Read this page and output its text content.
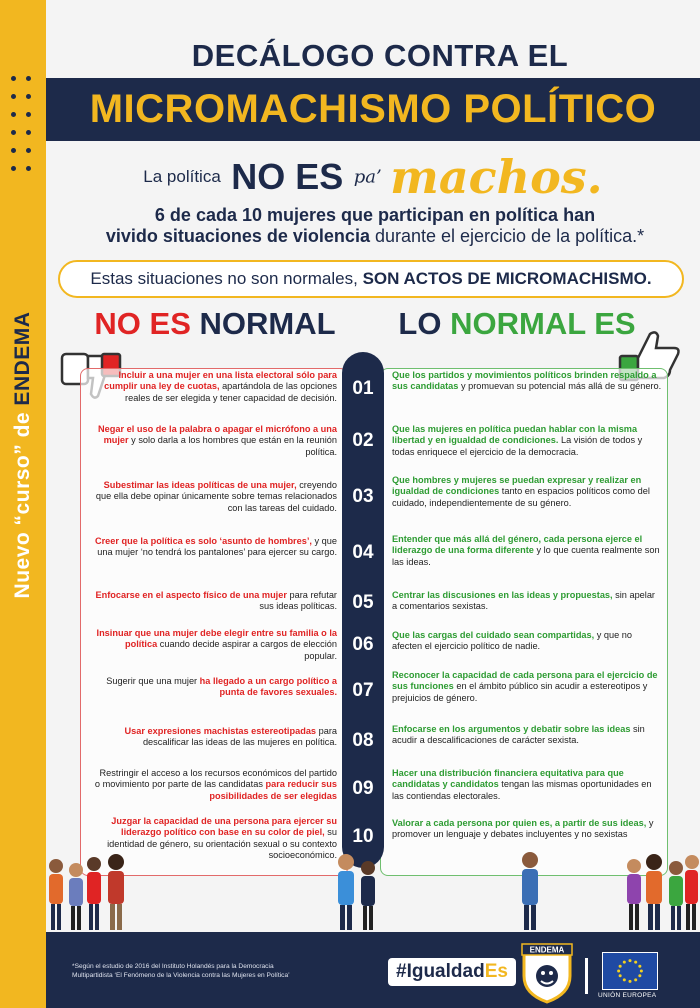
Nuevo “curso” de ENDEMA
DECÁLOGO CONTRA EL
MICROMACHISMO POLÍTICO
La política NO ES pa’ machos.
6 de cada 10 mujeres que participan en política han
vivido situaciones de violencia durante el ejercicio de la política.*
Estas situaciones no son normales, SON ACTOS DE MICROMACHISMO.
NO ES NORMAL	LO NORMAL ES
01
Incluir a una mujer en una lista electoral sólo para cumplir una ley de cuotas, apartándola de las opciones reales de ser elegida y tener capacidad de decisión.
Que los partidos y movimientos políticos brinden respaldo a sus candidatas y promuevan su potencial más allá de su género.
02
Negar el uso de la palabra o apagar el micrófono a una mujer y solo darla a los hombres que están en la reunión política.
Que las mujeres en política puedan hablar con la misma libertad y en igualdad de condiciones. La visión de todos y todas enriquece el ejercicio de la democracia.
03
Subestimar las ideas políticas de una mujer, creyendo que ella debe opinar únicamente sobre temas relacionados con las tareas del cuidado.
Que hombres y mujeres se puedan expresar y realizar en igualdad de condiciones tanto en espacios políticos como del cuidado, independientemente de su género.
04
Creer que la política es solo ‘asunto de hombres’, y que una mujer ‘no tendrá los pantalones’ para ejercer su cargo.
Entender que más allá del género, cada persona ejerce el liderazgo de una forma diferente y lo que cuenta realmente son las ideas.
05
Enfocarse en el aspecto físico de una mujer para refutar sus ideas políticas.
Centrar las discusiones en las ideas y propuestas, sin apelar a comentarios sexistas.
06
Insinuar que una mujer debe elegir entre su familia o la política cuando decide aspirar a cargos de elección popular.
Que las cargas del cuidado sean compartidas, y que no afecten el ejercicio político de nadie.
07
Sugerir que una mujer ha llegado a un cargo político a punta de favores sexuales.
Reconocer la capacidad de cada persona para el ejercicio de sus funciones en el ámbito público sin acudir a estereotipos y prejuicios de género.
08
Usar expresiones machistas estereotipadas para descalificar las ideas de las mujeres en política.
Enfocarse en los argumentos y debatir sobre las ideas sin acudir a descalificaciones de carácter sexista.
09
Restringir el acceso a los recursos económicos del partido o movimiento por parte de las candidatas para reducir sus posibilidades de ser elegidas
Hacer una distribución financiera equitativa para que candidatas y candidatos tengan las mismas oportunidades en las contiendas electorales.
10
Juzgar la capacidad de una persona para ejercer su liderazgo político con base en su color de piel, su identidad de género, su orientación sexual o su contexto socioeconómico.
Valorar a cada persona por quien es, a partir de sus ideas, y promover un lenguaje y debates incluyentes y no sexistas
*Según el estudio de 2016 del Instituto Holandés para la Democracia
Multipartidista ‘El Fenómeno de la Violencia contra las Mujeres en Política’	#IgualdadEs
ENDEMA
UNIÓN EUROPEA
